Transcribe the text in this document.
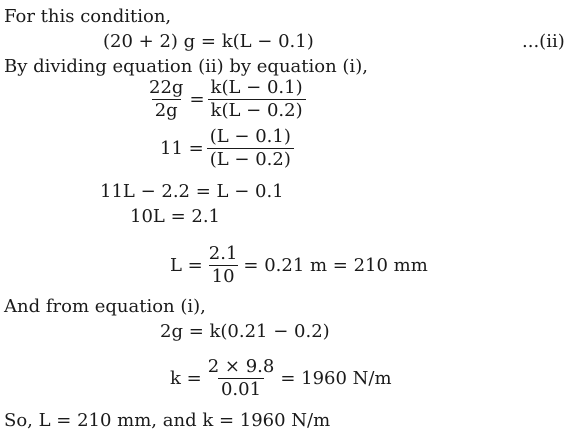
For this condition,
(20 + 2) g = k(L − 0.1)	...(ii)
By dividing equation (ii) by equation (i),
$\frac{22g}{2g} = \frac{k(L - 0.1)}{k(L - 0.2)}$
$11 = \frac{(L - 0.1)}{(L - 0.2)}$
11L − 2.2 = L − 0.1
10L = 2.1
$L = \frac{2.1}{10} = 0.21$ m = 210 mm
And from equation (i),
2g = k(0.21 − 0.2)
$k = \frac{2 \times 9.8}{0.01} = 1960$ N/m
So, L = 210 mm, and k = 1960 N/m
